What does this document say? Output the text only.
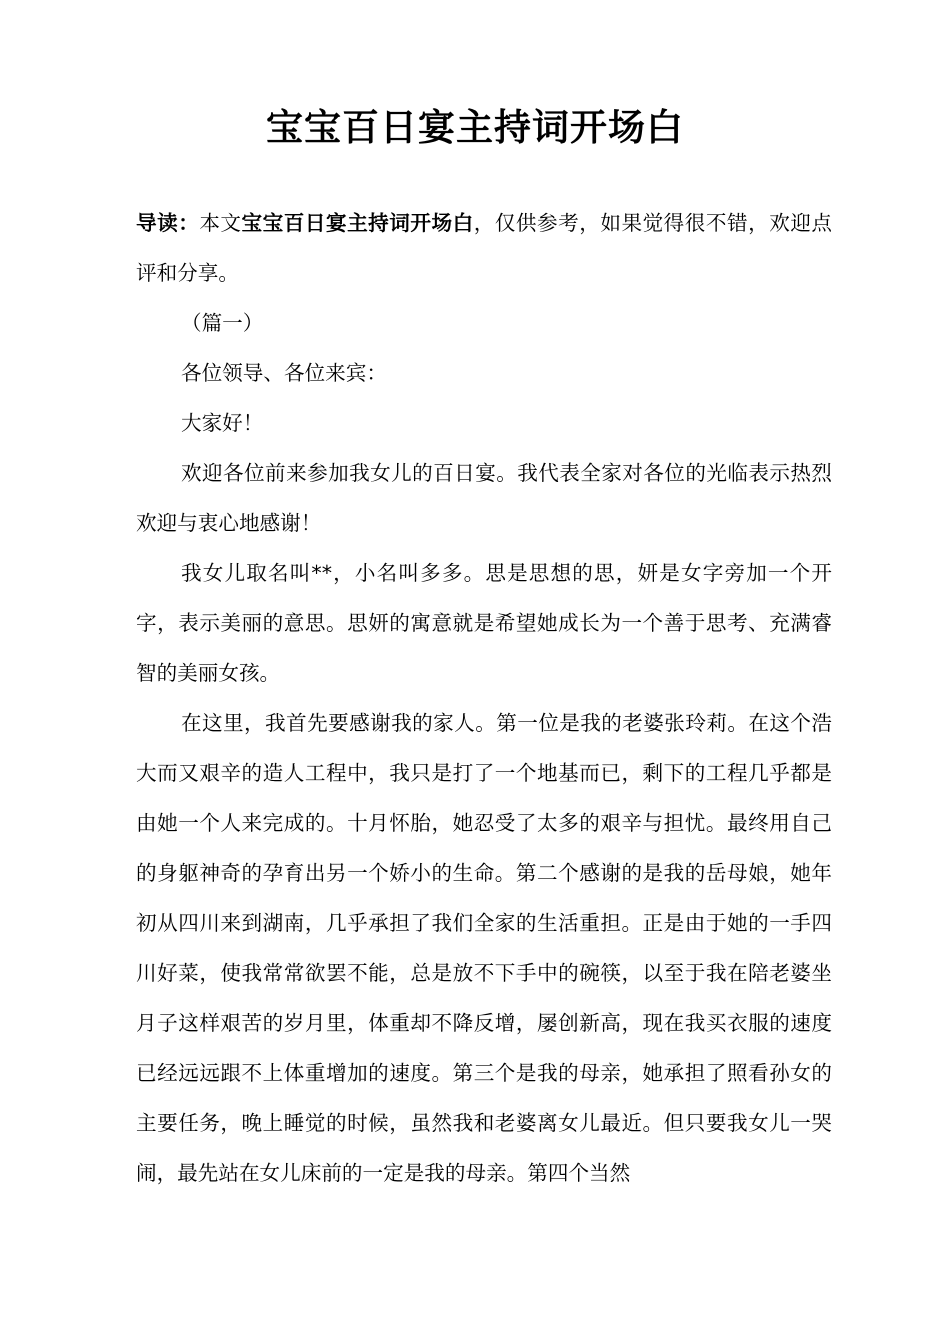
宝宝百日宴主持词开场白

导读：本文宝宝百日宴主持词开场白，仅供参考，如果觉得很不错，欢迎点评和分享。

（篇一）

各位领导、各位来宾：

大家好！

欢迎各位前来参加我女儿的百日宴。我代表全家对各位的光临表示热烈欢迎与衷心地感谢！

我女儿取名叫**，小名叫多多。思是思想的思，妍是女字旁加一个开字，表示美丽的意思。思妍的寓意就是希望她成长为一个善于思考、充满睿智的美丽女孩。

在这里，我首先要感谢我的家人。第一位是我的老婆张玲莉。在这个浩大而又艰辛的造人工程中，我只是打了一个地基而已，剩下的工程几乎都是由她一个人来完成的。十月怀胎，她忍受了太多的艰辛与担忧。最终用自己的身躯神奇的孕育出另一个娇小的生命。第二个感谢的是我的岳母娘，她年初从四川来到湖南，几乎承担了我们全家的生活重担。正是由于她的一手四川好菜，使我常常欲罢不能，总是放不下手中的碗筷，以至于我在陪老婆坐月子这样艰苦的岁月里，体重却不降反增，屡创新高，现在我买衣服的速度已经远远跟不上体重增加的速度。第三个是我的母亲，她承担了照看孙女的主要任务，晚上睡觉的时候，虽然我和老婆离女儿最近。但只要我女儿一哭闹，最先站在女儿床前的一定是我的母亲。第四个当然
